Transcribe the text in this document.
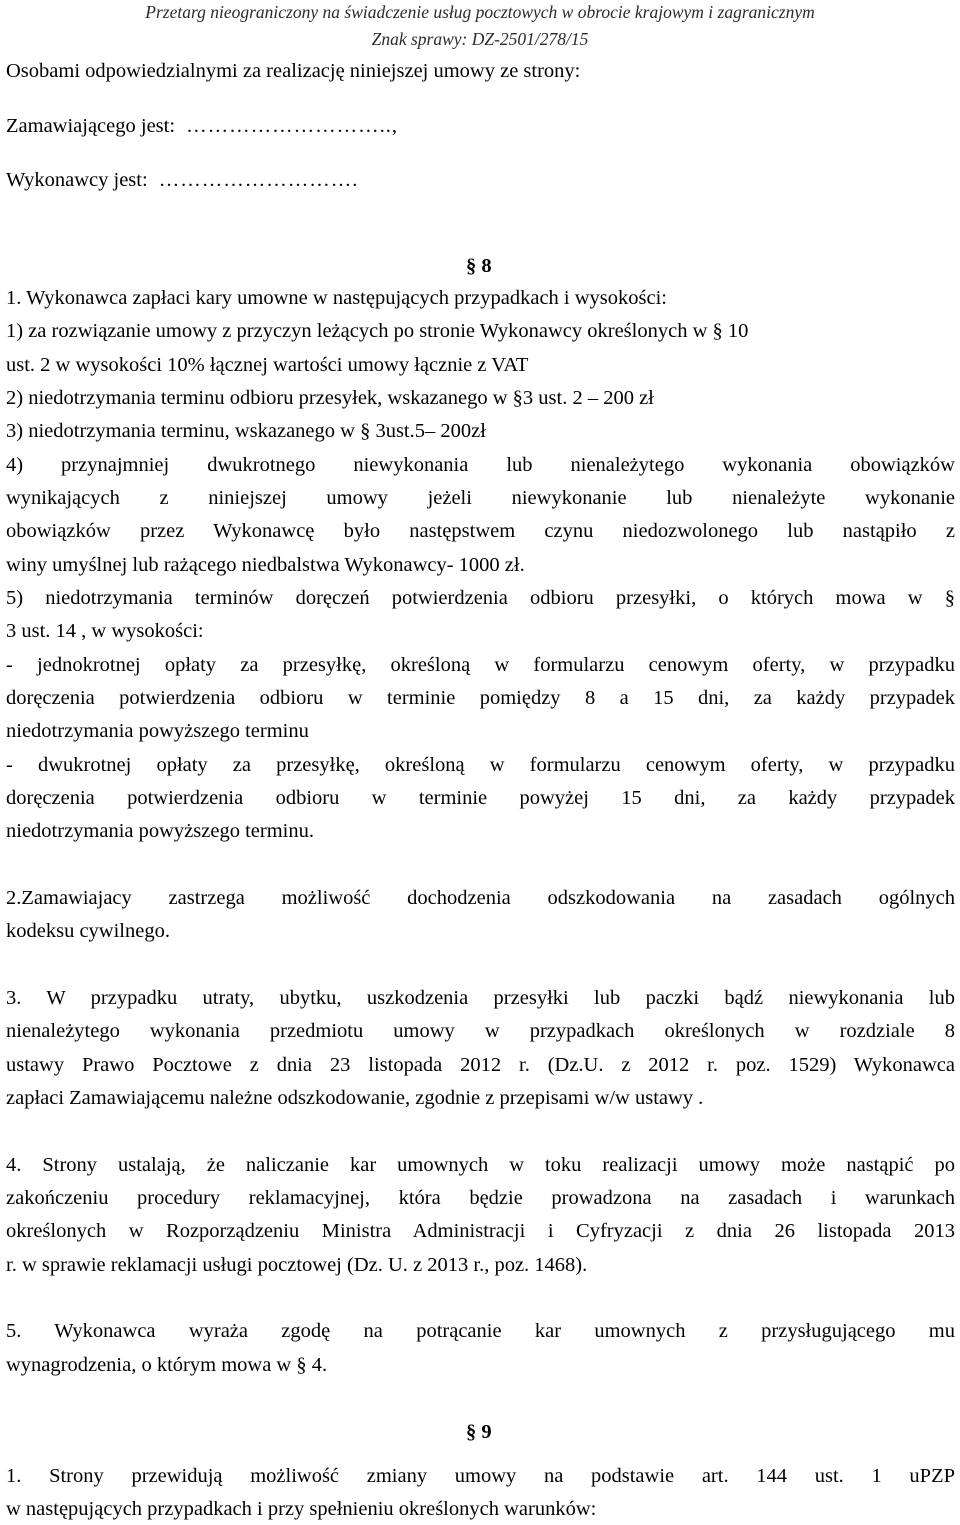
Przetarg nieograniczony na świadczenie usług pocztowych w obrocie krajowym i zagranicznym
Znak sprawy: DZ-2501/278/15
Osobami odpowiedzialnymi za realizację niniejszej umowy ze strony:
Zamawiającego jest: ………………………..,
Wykonawcy jest: ……………………….
§ 8
1. Wykonawca zapłaci kary umowne w następujących przypadkach i wysokości:
1) za rozwiązanie umowy z przyczyn leżących po stronie Wykonawcy określonych w § 10
ust. 2 w wysokości 10% łącznej wartości umowy łącznie z VAT
2) niedotrzymania terminu odbioru przesyłek, wskazanego w §3 ust. 2 – 200 zł
3) niedotrzymania terminu, wskazanego w § 3ust.5– 200zł
4) przynajmniej dwukrotnego niewykonania lub nienależytego wykonania obowiązków
wynikających z niniejszej umowy jeżeli niewykonanie lub nienależyte wykonanie
obowiązków przez Wykonawcę było następstwem czynu niedozwolonego lub nastąpiło z
winy umyślnej lub rażącego niedbalstwa Wykonawcy- 1000 zł.
5) niedotrzymania terminów doręczeń potwierdzenia odbioru przesyłki, o których mowa w §
3 ust. 14 , w wysokości:
- jednokrotnej opłaty za przesyłkę, określoną w formularzu cenowym oferty, w przypadku
doręczenia potwierdzenia odbioru w terminie pomiędzy 8 a 15 dni, za każdy przypadek
niedotrzymania powyższego terminu
- dwukrotnej opłaty za przesyłkę, określoną w formularzu cenowym oferty, w przypadku
doręczenia potwierdzenia odbioru w terminie powyżej 15 dni, za każdy przypadek
niedotrzymania powyższego terminu.
2.Zamawiajacy zastrzega możliwość dochodzenia odszkodowania na zasadach ogólnych
kodeksu cywilnego.
3. W przypadku utraty, ubytku, uszkodzenia przesyłki lub paczki bądź niewykonania lub
nienależytego wykonania przedmiotu umowy w przypadkach określonych w rozdziale 8
ustawy Prawo Pocztowe z dnia 23 listopada 2012 r. (Dz.U. z 2012 r. poz. 1529) Wykonawca
zapłaci Zamawiającemu należne odszkodowanie, zgodnie z przepisami w/w ustawy .
4. Strony ustalają, że naliczanie kar umownych w toku realizacji umowy może nastąpić po
zakończeniu procedury reklamacyjnej, która będzie prowadzona na zasadach i warunkach
określonych w Rozporządzeniu Ministra Administracji i Cyfryzacji z dnia 26 listopada 2013
r. w sprawie reklamacji usługi pocztowej (Dz. U. z 2013 r., poz. 1468).
5. Wykonawca wyraża zgodę na potrącanie kar umownych z przysługującego mu
wynagrodzenia, o którym mowa w § 4.
§ 9
1. Strony przewidują możliwość zmiany umowy na podstawie art. 144 ust. 1 uPZP
w następujących przypadkach i przy spełnieniu określonych warunków:
